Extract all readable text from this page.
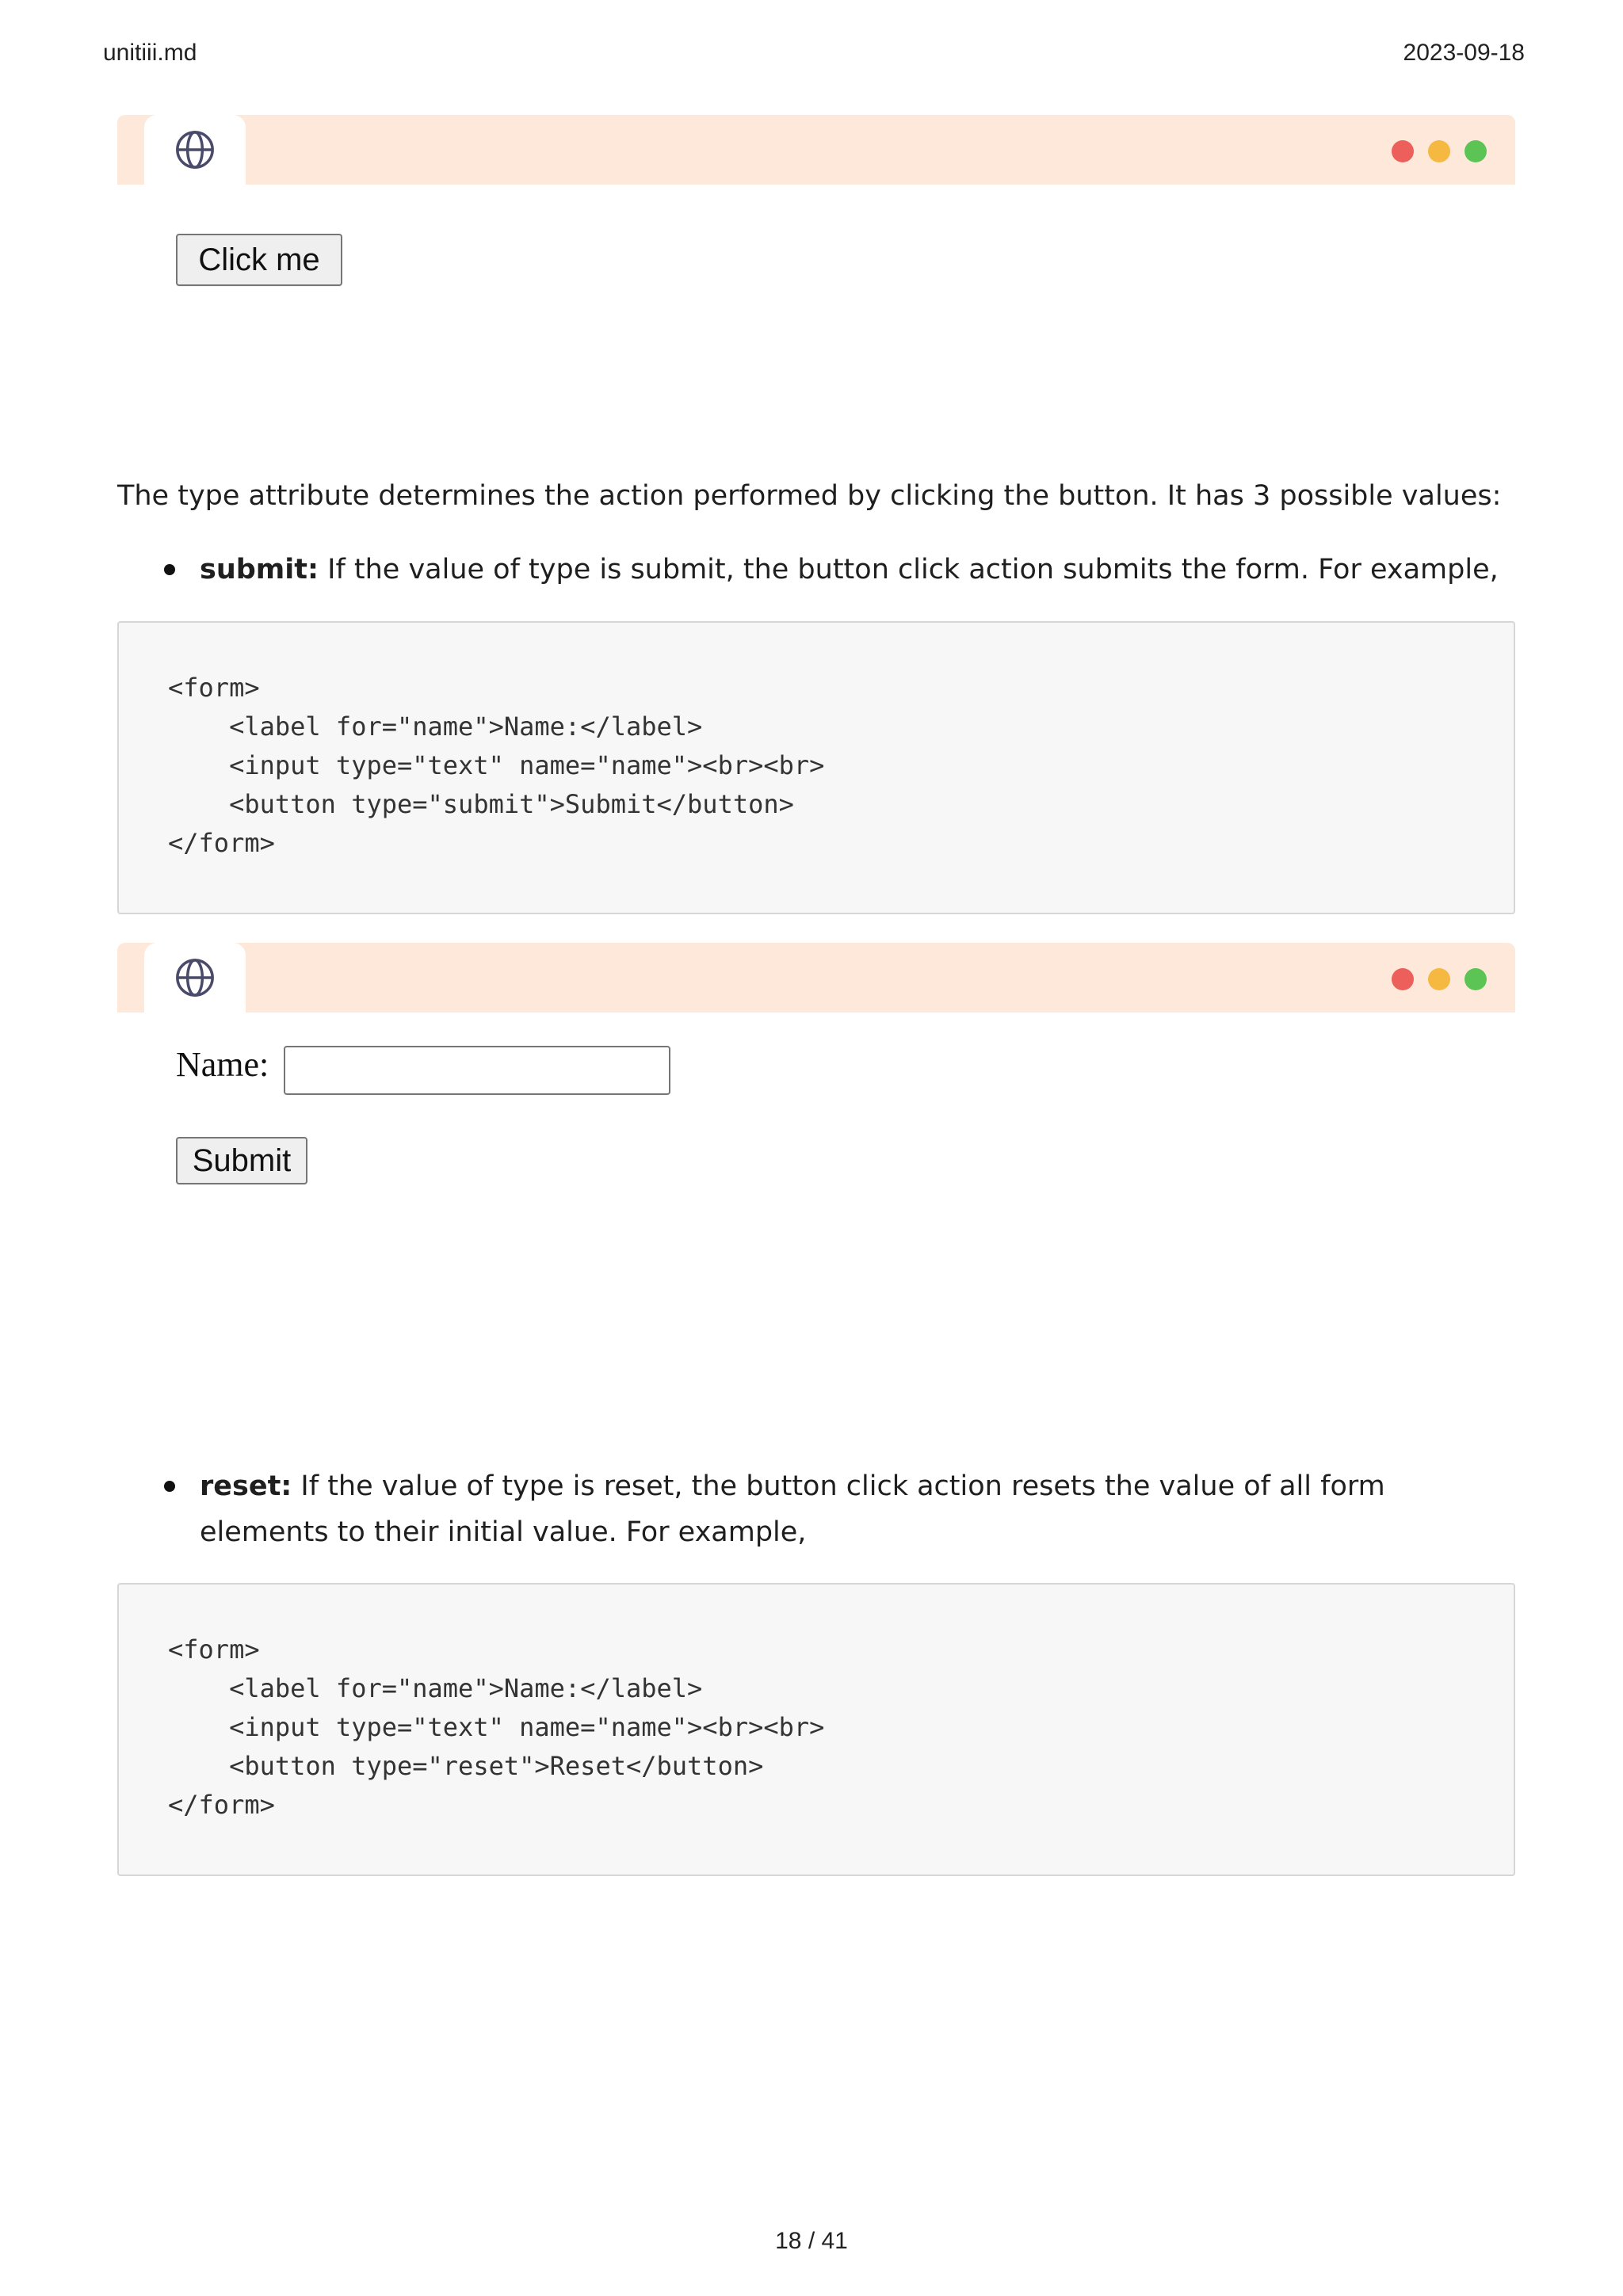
unitiii.md	2023-09-18
Click me
The type attribute determines the action performed by clicking the button. It has 3 possible values:
submit: If the value of type is submit, the button click action submits the form. For example,
<form>
<label for="name">Name:</label>
<input type="text" name="name"><br><br>
<button type="submit">Submit</button>
</form>
Name:
Submit
reset: If the value of type is reset, the button click action resets the value of all form elements to their initial value. For example,
<form>
<label for="name">Name:</label>
<input type="text" name="name"><br><br>
<button type="reset">Reset</button>
</form>
18 / 41
